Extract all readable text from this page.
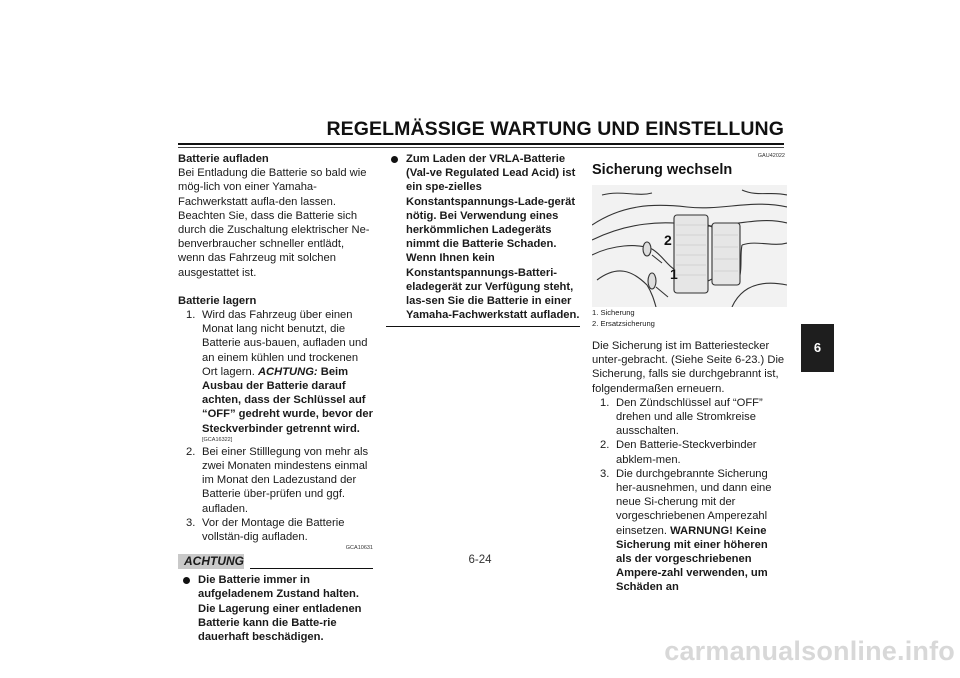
REGELMÄSSIGE WARTUNG UND EINSTELLUNG
6

Batterie aufladen

Bei Entladung die Batterie so bald wie mög-lich von einer Yamaha-Fachwerkstatt aufla-den lassen. Beachten Sie, dass die Batterie sich durch die Zuschaltung elektrischer Ne-benverbraucher schneller entlädt, wenn das Fahrzeug mit solchen ausgestattet ist.

Batterie lagern

1. Wird das Fahrzeug über einen Monat lang nicht benutzt, die Batterie aus-bauen, aufladen und an einem kühlen und trockenen Ort lagern. ACHTUNG: Beim Ausbau der Batterie darauf achten, dass der Schlüssel auf “OFF” gedreht wurde, bevor der Steckverbinder getrennt wird.
[GCA16322]
2. Bei einer Stilllegung von mehr als zwei Monaten mindestens einmal im Monat den Ladezustand der Batterie über-prüfen und ggf. aufladen.
3. Vor der Montage die Batterie vollstän-dig aufladen.
GCA10631
ACHTUNG
Die Batterie immer in aufgeladenem Zustand halten. Die Lagerung einer entladenen Batterie kann die Batte-rie dauerhaft beschädigen.
Zum Laden der VRLA-Batterie (Val-ve Regulated Lead Acid) ist ein spe-zielles Konstantspannungs-Lade-gerät nötig. Bei Verwendung eines herkömmlichen Ladegeräts nimmt die Batterie Schaden. Wenn Ihnen kein Konstantspannungs-Batteri-eladegerät zur Verfügung steht, las-sen Sie die Batterie in einer Yamaha-Fachwerkstatt aufladen.
GAU42022
Sicherung wechseln
2
1
1. Sicherung
2. Ersatzsicherung

Die Sicherung ist im Batteriestecker unter-gebracht. (Siehe Seite 6-23.) Die Sicherung, falls sie durchgebrannt ist, folgendermaßen erneuern.

1. Den Zündschlüssel auf “OFF” drehen und alle Stromkreise ausschalten.
2. Den Batterie-Steckverbinder abklem-men.
3. Die durchgebrannte Sicherung her-ausnehmen, und dann eine neue Si-cherung mit der vorgeschriebenen Amperezahl einsetzen. WARNUNG! Keine Sicherung mit einer höheren als der vorgeschriebenen Ampere-zahl verwenden, um Schäden an
6-24
carmanualsonline.info
